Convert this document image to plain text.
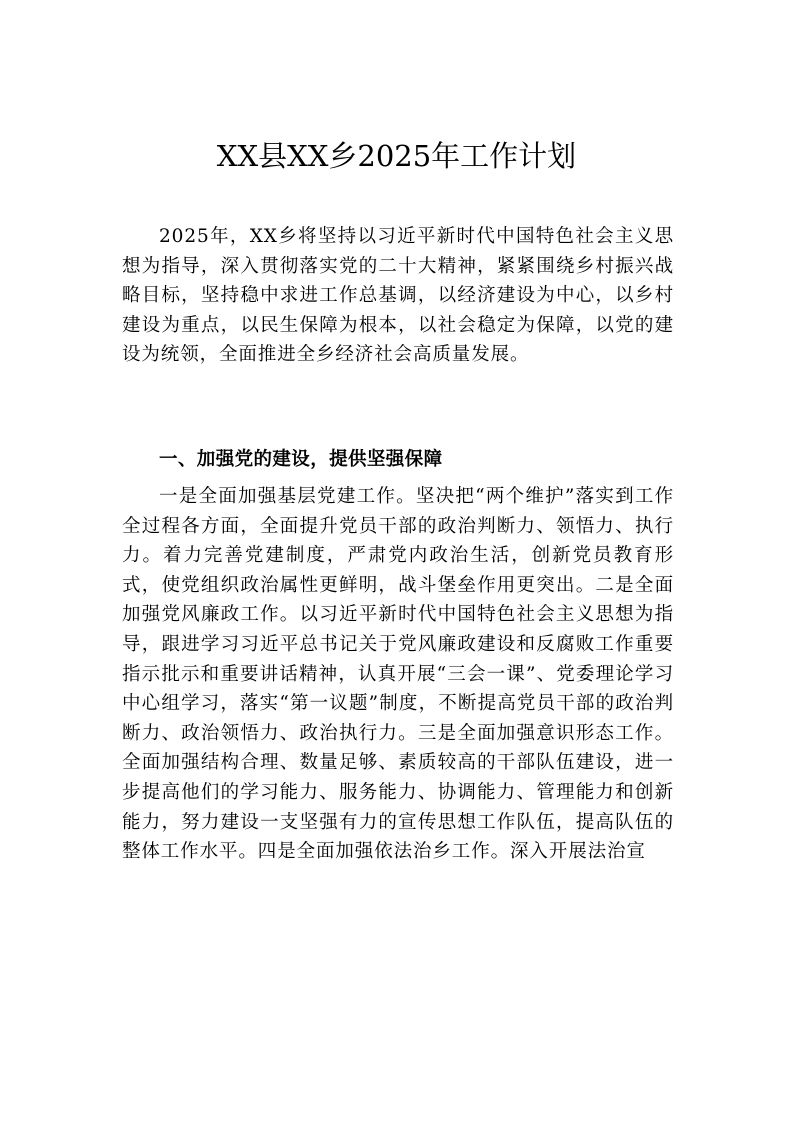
XX县XX乡2025年工作计划

2025年，XX乡将坚持以习近平新时代中国特色社会主义思想为指导，深入贯彻落实党的二十大精神，紧紧围绕乡村振兴战略目标，坚持稳中求进工作总基调，以经济建设为中心，以乡村建设为重点，以民生保障为根本，以社会稳定为保障，以党的建设为统领，全面推进全乡经济社会高质量发展。

一、加强党的建设，提供坚强保障

一是全面加强基层党建工作。坚决把“两个维护”落实到工作全过程各方面，全面提升党员干部的政治判断力、领悟力、执行力。着力完善党建制度，严肃党内政治生活，创新党员教育形式，使党组织政治属性更鲜明，战斗堡垒作用更突出。二是全面加强党风廉政工作。以习近平新时代中国特色社会主义思想为指导，跟进学习习近平总书记关于党风廉政建设和反腐败工作重要指示批示和重要讲话精神，认真开展“三会一课”、党委理论学习中心组学习，落实“第一议题”制度，不断提高党员干部的政治判断力、政治领悟力、政治执行力。三是全面加强意识形态工作。全面加强结构合理、数量足够、素质较高的干部队伍建设，进一步提高他们的学习能力、服务能力、协调能力、管理能力和创新能力，努力建设一支坚强有力的宣传思想工作队伍，提高队伍的整体工作水平。四是全面加强依法治乡工作。深入开展法治宣
